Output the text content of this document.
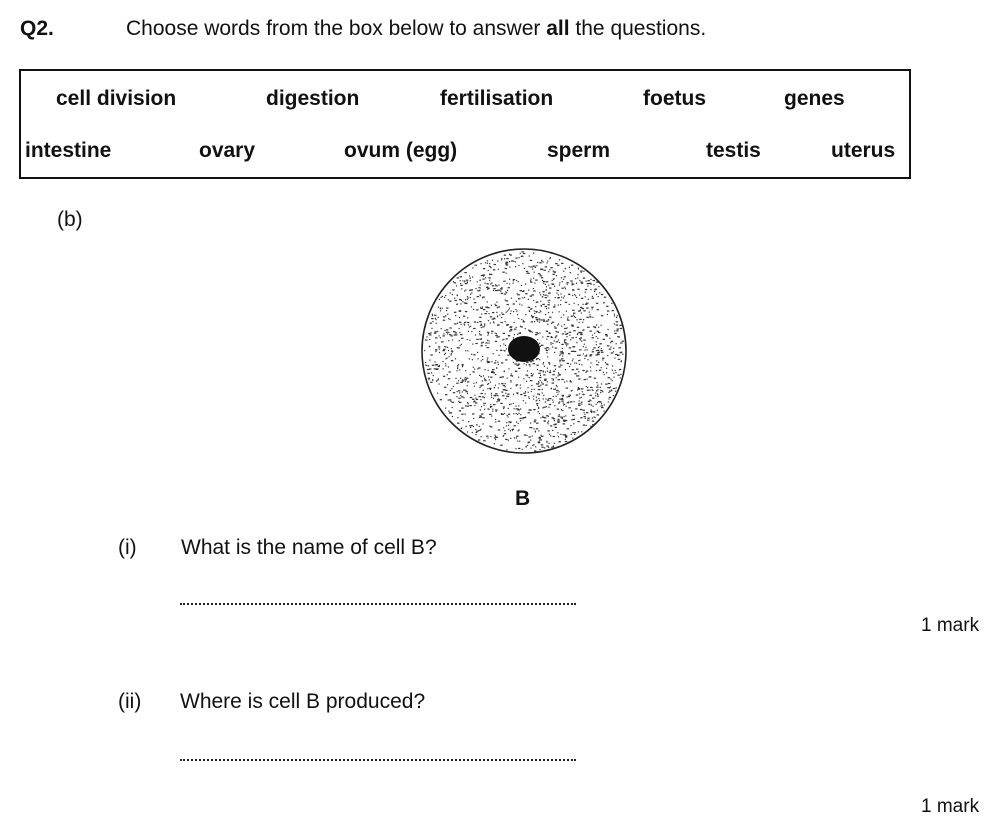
Q2.	Choose words from the box below to answer all the questions.
cell division	digestion	fertilisation	foetus	genes
intestine	ovary	ovum (egg)	sperm	testis	uterus
(b)
B
(i) What is the name of cell B?
1 mark
(ii) Where is cell B produced?
1 mark
